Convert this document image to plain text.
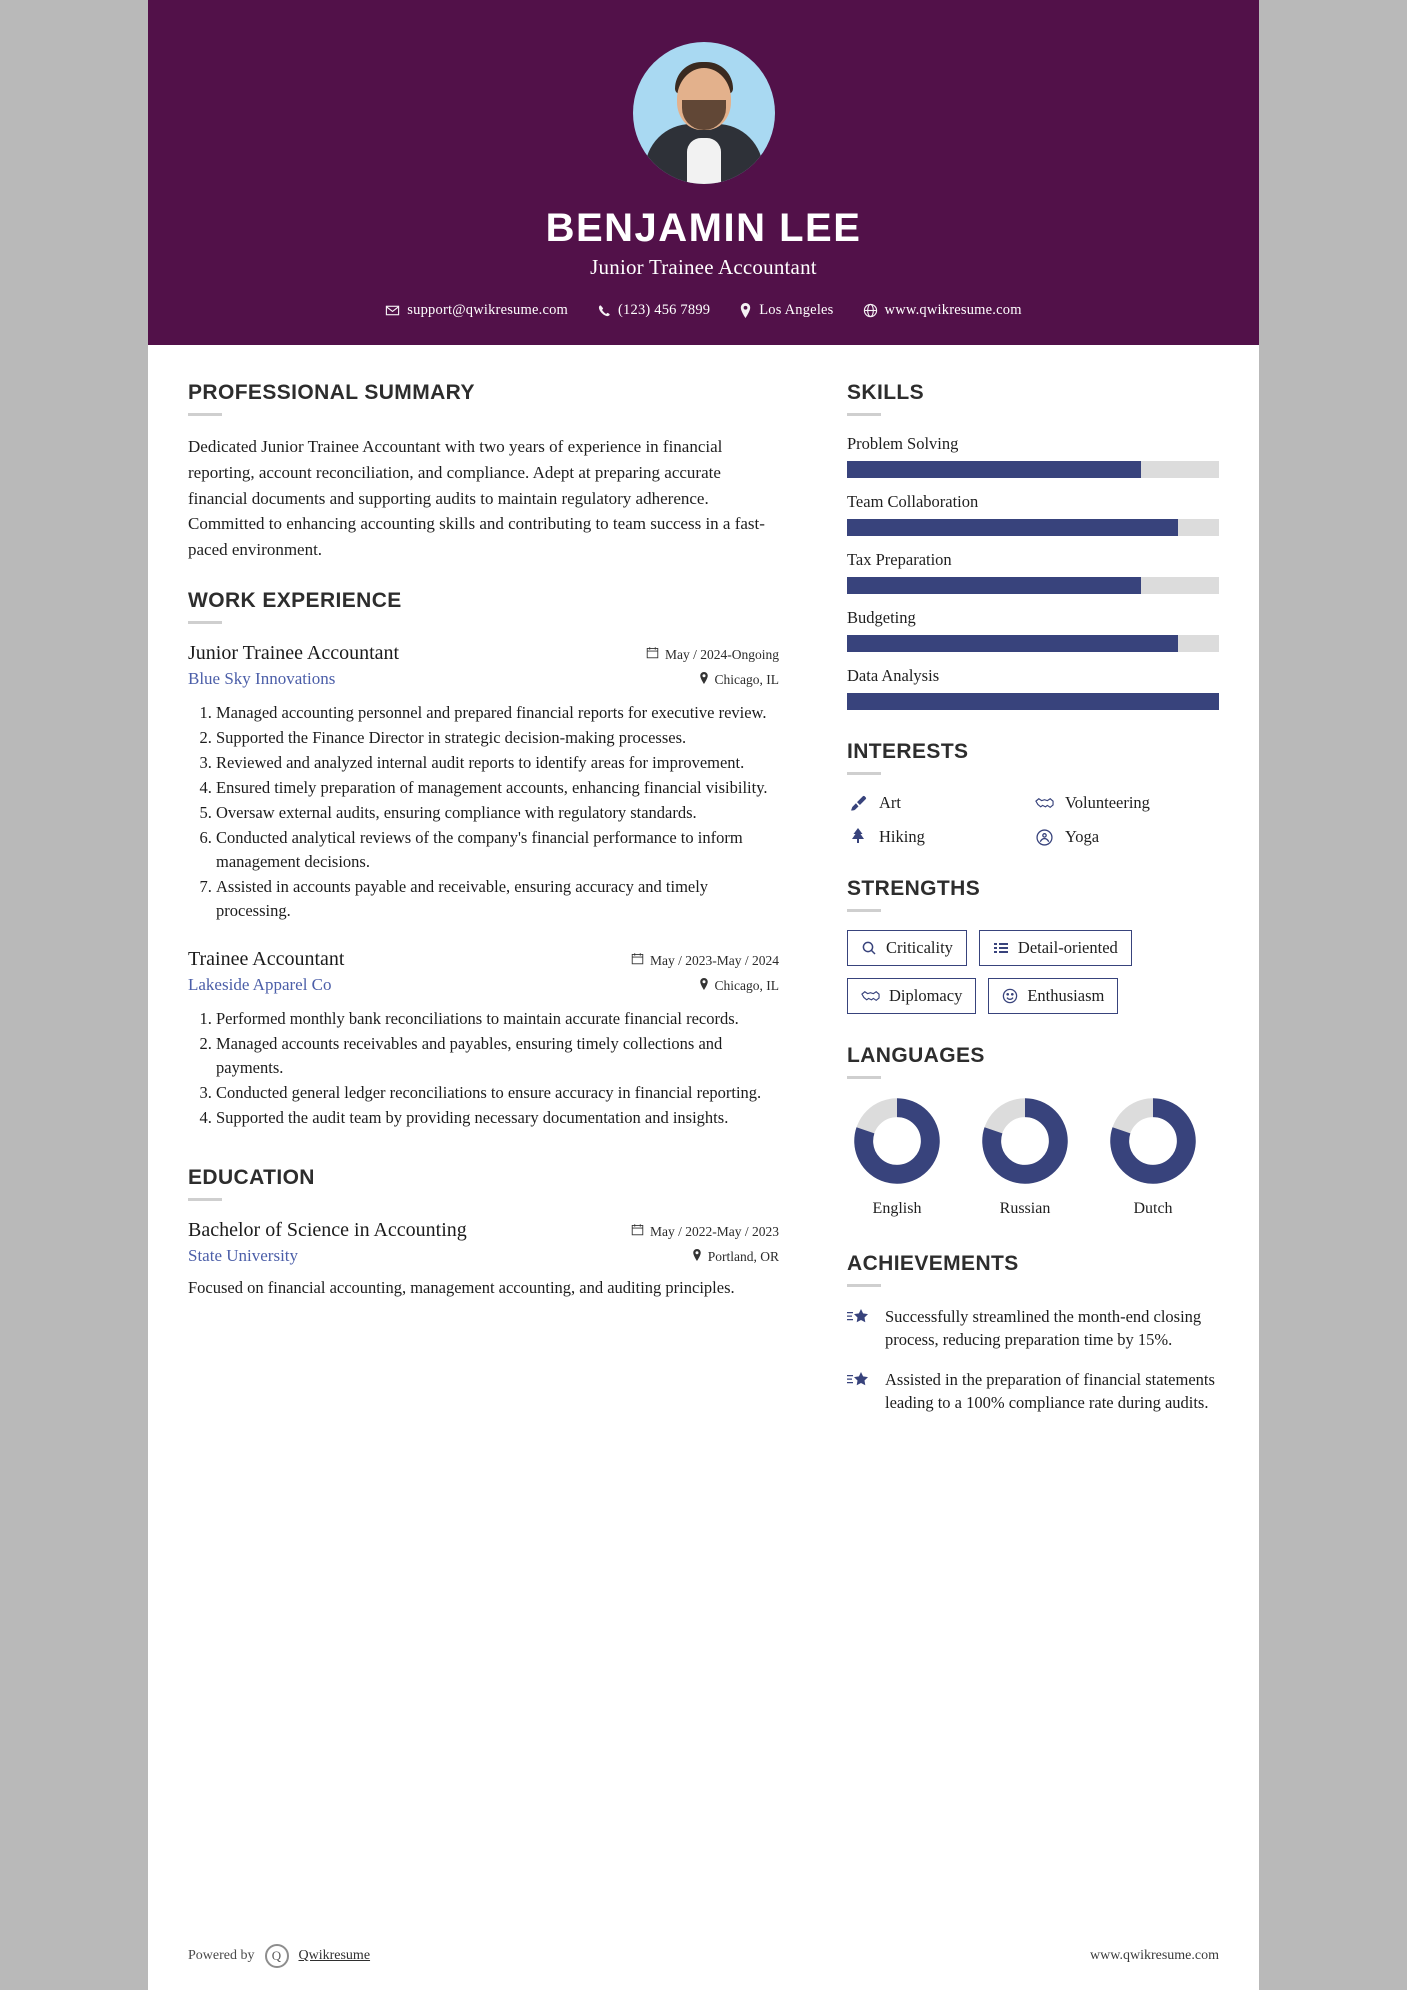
BENJAMIN LEE
Junior Trainee Accountant
support@qwikresume.com	(123) 456 7899	Los Angeles	www.qwikresume.com
PROFESSIONAL SUMMARY

Dedicated Junior Trainee Accountant with two years of experience in financial reporting, account reconciliation, and compliance. Adept at preparing accurate financial documents and supporting audits to maintain regulatory adherence. Committed to enhancing accounting skills and contributing to team success in a fast-paced environment.

WORK EXPERIENCE
Junior Trainee Accountant	May / 2024-Ongoing
Blue Sky Innovations	Chicago, IL
1. Managed accounting personnel and prepared financial reports for executive review.
2. Supported the Finance Director in strategic decision-making processes.
3. Reviewed and analyzed internal audit reports to identify areas for improvement.
4. Ensured timely preparation of management accounts, enhancing financial visibility.
5. Oversaw external audits, ensuring compliance with regulatory standards.
6. Conducted analytical reviews of the company's financial performance to inform management decisions.
7. Assisted in accounts payable and receivable, ensuring accuracy and timely processing.
Trainee Accountant	May / 2023-May / 2024
Lakeside Apparel Co	Chicago, IL
1. Performed monthly bank reconciliations to maintain accurate financial records.
2. Managed accounts receivables and payables, ensuring timely collections and payments.
3. Conducted general ledger reconciliations to ensure accuracy in financial reporting.
4. Supported the audit team by providing necessary documentation and insights.
EDUCATION
Bachelor of Science in Accounting	May / 2022-May / 2023
State University	Portland, OR
Focused on financial accounting, management accounting, and auditing principles.
SKILLS
Problem Solving
Team Collaboration
Tax Preparation
Budgeting
Data Analysis
INTERESTS
Art	Volunteering
Hiking	Yoga
STRENGTHS
Criticality	Detail-oriented
Diplomacy	Enthusiasm
LANGUAGES
English	Russian	Dutch
ACHIEVEMENTS
Successfully streamlined the month-end closing process, reducing preparation time by 15%.
Assisted in the preparation of financial statements leading to a 100% compliance rate during audits.
Powered by	Q	Qwikresume	www.qwikresume.com
